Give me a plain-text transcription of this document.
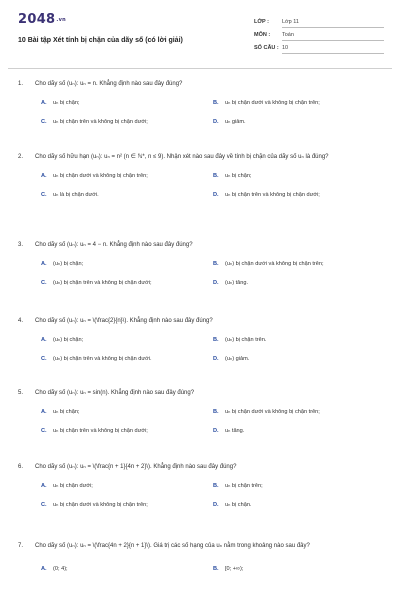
2048.vn
10 Bài tập Xét tính bị chặn của dãy số (có lời giải)
LỚP : Lớp 11
MÔN : Toán
SỐ CÂU : 10
1. Cho dãy số (uₙ): uₙ = n. Khẳng định nào sau đây đúng?
A. uₙ bị chặn;	B. uₙ bị chặn dưới và không bị chặn trên;
C. uₙ bị chặn trên và không bị chặn dưới;	D. uₙ giảm.
2. Cho dãy số hữu hạn (uₙ): uₙ = n² (n ∈ ℕ*, n ≤ 9). Nhận xét nào sau đây về tính bị chặn của dãy số uₙ là đúng?
A. uₙ bị chặn dưới và không bị chặn trên;	B. uₙ bị chặn;
C. uₙ là bị chặn dưới.	D. uₙ bị chặn trên và không bị chặn dưới;
3. Cho dãy số (uₙ): uₙ = 4 − n. Khẳng định nào sau đây đúng?
A. (uₙ) bị chặn;	B. (uₙ) bị chặn dưới và không bị chặn trên;
C. (uₙ) bị chặn trên và không bị chặn dưới;	D. (uₙ) tăng.
4. Cho dãy số (uₙ): uₙ = \(\frac{2}{n}\). Khẳng định nào sau đây đúng?
A. (uₙ) bị chặn;	B. (uₙ) bị chặn trên.
C. (uₙ) bị chặn trên và không bị chặn dưới.	D. (uₙ) giảm.
5. Cho dãy số (uₙ): uₙ = sin(n). Khẳng định nào sau đây đúng?
A. uₙ bị chặn;	B. uₙ bị chặn dưới và không bị chặn trên;
C. uₙ bị chặn trên và không bị chặn dưới;	D. uₙ tăng.
6. Cho dãy số (uₙ): uₙ = \(\frac{n + 1}{4n + 2}\). Khẳng định nào sau đây đúng?
A. uₙ bị chặn dưới;	B. uₙ bị chặn trên;
C. uₙ bị chặn dưới và không bị chặn trên;	D. uₙ bị chặn.
7. Cho dãy số (uₙ): uₙ = \(\frac{4n + 2}{n + 1}\). Giá trị các số hạng của uₙ nằm trong khoảng nào sau đây?
A. (0; 4);	B. [0; +∞);
